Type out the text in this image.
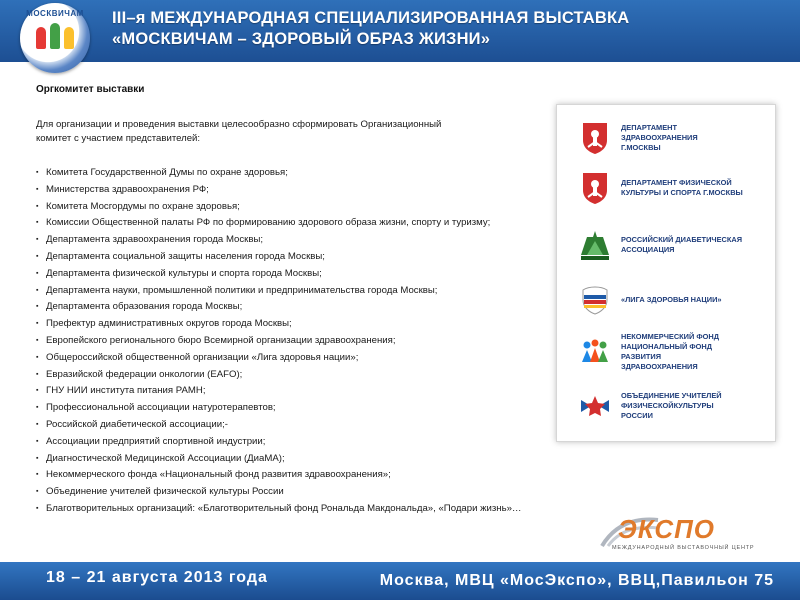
МОСКВИЧАМ	III–я МЕЖДУНАРОДНАЯ СПЕЦИАЛИЗИРОВАННАЯ ВЫСТАВКА
«МОСКВИЧАМ – ЗДОРОВЫЙ ОБРАЗ ЖИЗНИ»
Оргкомитет выставки
Для организации и проведения выставки целесообразно сформировать Организационный
комитет с участием представителей:
▪ Комитета Государственной Думы по охране здоровья;
▪ Министерства здравоохранения РФ;
▪ Комитета Мосгордумы по охране здоровья;
▪ Комиссии Общественной палаты РФ по формированию здорового образа жизни, спорту и туризму;
▪ Департамента здравоохранения города Москвы;
▪ Департамента социальной защиты населения города Москвы;
▪ Департамента физической культуры и спорта города Москвы;
▪ Департамента науки, промышленной политики и предпринимательства города Москвы;
▪ Департамента образования города Москвы;
▪ Префектур административных округов города Москвы;
▪ Европейского регионального бюро Всемирной организации здравоохранения;
▪ Общероссийской общественной организации «Лига здоровья нации»;
▪ Евразийской федерации онкологии (EAFO);
▪ ГНУ НИИ института питания РАМН;
▪ Профессиональной ассоциации натуротерапевтов;
▪ Российской диабетической ассоциации;-
▪ Ассоциации предприятий спортивной индустрии;
▪ Диагностической Медицинской Ассоциации (ДиаМА);
▪ Некоммерческого фонда «Национальный фонд развития здравоохранения»;
▪ Объединение учителей физической культуры России
▪ Благотворительных организаций: «Благотворительный фонд Рональда Макдональда», «Подари жизнь»…
ДЕПАРТАМЕНТ ЗДРАВООХРАНЕНИЯ
Г.МОСКВЫ
ДЕПАРТАМЕНТ ФИЗИЧЕСКОЙ
КУЛЬТУРЫ И СПОРТА Г.МОСКВЫ
РОССИЙСКИЙ ДИАБЕТИЧЕСКАЯ
АССОЦИАЦИЯ
«ЛИГА ЗДОРОВЬЯ НАЦИИ»
НЕКОММЕРЧЕСКИЙ ФОНД
НАЦИОНАЛЬНЫЙ ФОНД РАЗВИТИЯ
ЗДРАВООХРАНЕНИЯ
ОБЪЕДИНЕНИЕ УЧИТЕЛЕЙ
ФИЗИЧЕСКОЙКУЛЬТУРЫ
РОССИИ
ЭКСПО
МЕЖДУНАРОДНЫЙ ВЫСТАВОЧНЫЙ ЦЕНТР
18 – 21 августа 2013 года	Москва, МВЦ «МосЭкспо», ВВЦ,Павильон 75
